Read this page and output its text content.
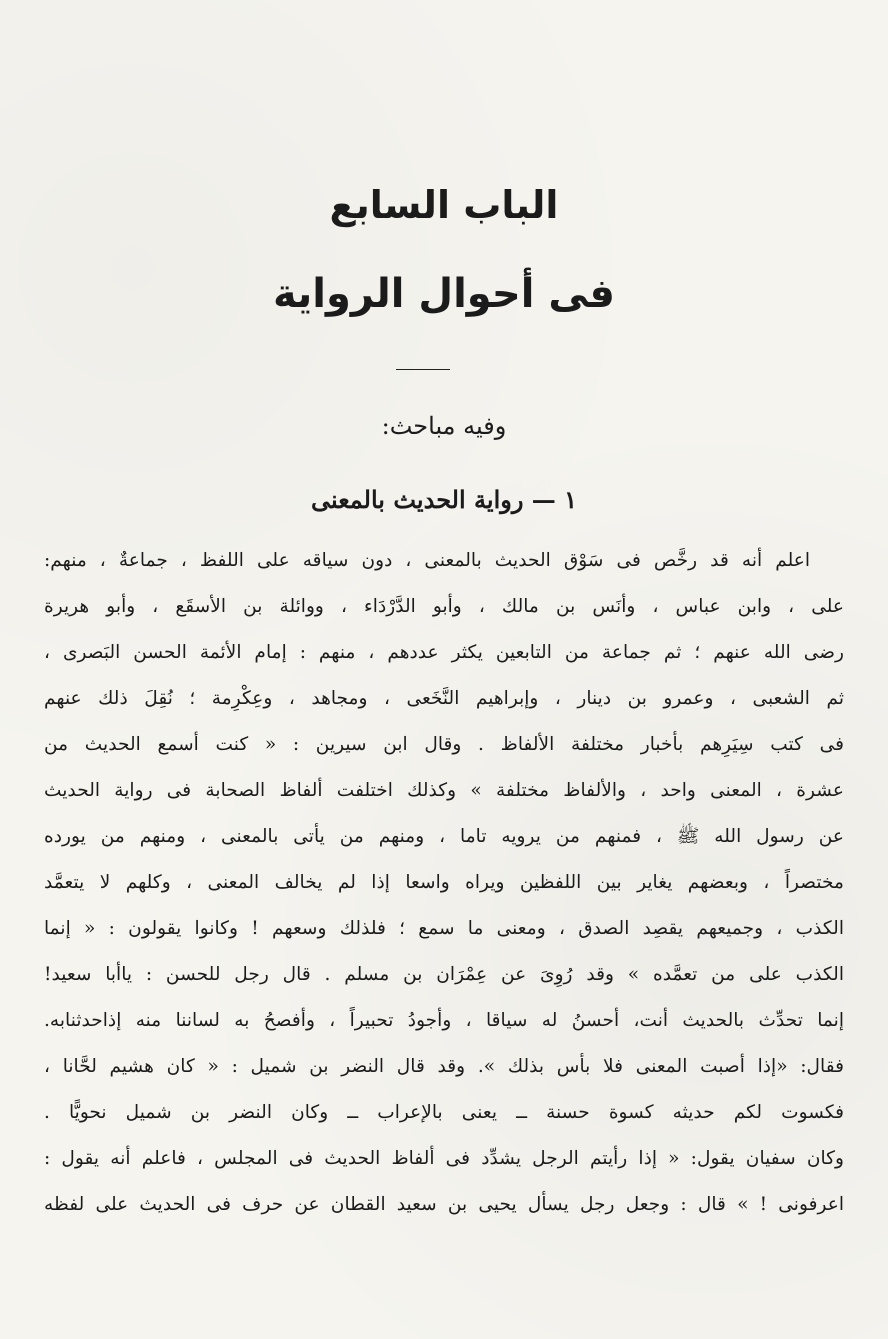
الباب السابع
فى أحوال الرواية
وفيه مباحث:
١ — رواية الحديث بالمعنى
اعلم أنه قد رخَّص فى سَوْق الحديث بالمعنى ، دون سياقه على اللفظ ، جماعةٌ ، منهم:
على ، وابن عباس ، وأنَس بن مالك ، وأبو الدَّرْدَاء ، ووائلة بن الأسقَع ، وأبو هريرة
رضى الله عنهم ؛ ثم جماعة من التابعين يكثر عددهم ، منهم : إمام الأئمة الحسن البَصرى ،
ثم الشعبى ، وعمرو بن دينار ، وإبراهيم النَّخَعى ، ومجاهد ، وعِكْرِمة ؛ نُقِلَ ذلك عنهم
فى كتب سِيَرِهم بأخبار مختلفة الألفاظ . وقال ابن سيرين : « كنت أسمع الحديث من
عشرة ، المعنى واحد ، والألفاظ مختلفة » وكذلك اختلفت ألفاظ الصحابة فى رواية الحديث
عن رسول الله ﷺ ، فمنهم من يرويه تاما ، ومنهم من يأتى بالمعنى ، ومنهم من يورده
مختصراً ، وبعضهم يغاير بين اللفظين ويراه واسعا إذا لم يخالف المعنى ، وكلهم لا يتعمَّد
الكذب ، وجميعهم يقصِد الصدق ، ومعنى ما سمع ؛ فلذلك وسعهم ! وكانوا يقولون : « إنما
الكذب على من تعمَّده » وقد رُوِىَ عن عِمْرَان بن مسلم . قال رجل للحسن : ياأبا سعيد!
إنما تحدِّث بالحديث أنت، أحسنُ له سياقا ، وأجودُ تحبيراً ، وأفصحُ به لساننا منه إذاحدثنابه.
فقال: «إذا أصبت المعنى فلا بأس بذلك ». وقد قال النضر بن شميل : « كان هشيم لحَّانا ،
فكسوت لكم حديثه كسوة حسنة ــ يعنى بالإعراب ــ وكان النضر بن شميل نحويًّا .
وكان سفيان يقول: « إذا رأيتم الرجل يشدِّد فى ألفاظ الحديث فى المجلس ، فاعلم أنه يقول :
اعرفونى ! » قال : وجعل رجل يسأل يحيى بن سعيد القطان عن حرف فى الحديث على لفظه
